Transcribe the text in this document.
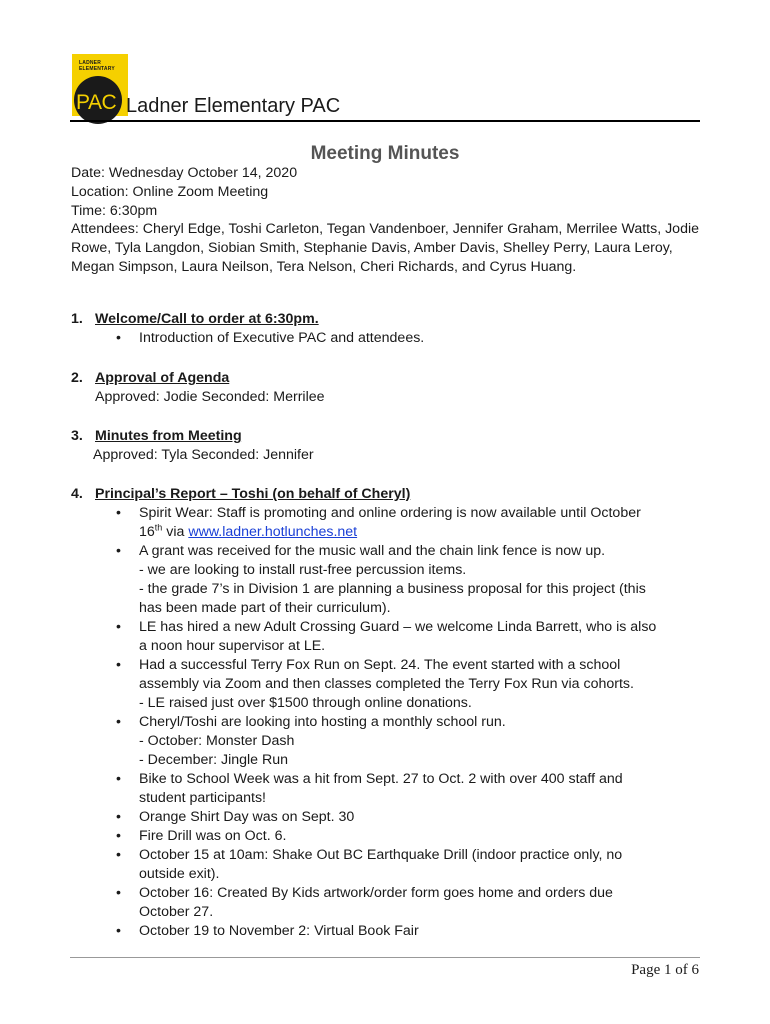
LADNER ELEMENTARY
PAC Ladner Elementary PAC
Meeting Minutes
Date: Wednesday October 14, 2020
Location: Online Zoom Meeting
Time: 6:30pm
Attendees: Cheryl Edge, Toshi Carleton, Tegan Vandenboer, Jennifer Graham, Merrilee Watts, Jodie Rowe, Tyla Langdon, Siobian Smith, Stephanie Davis, Amber Davis, Shelley Perry, Laura Leroy, Megan Simpson, Laura Neilson, Tera Nelson, Cheri Richards, and Cyrus Huang.
1. Welcome/Call to order at 6:30pm.
• Introduction of Executive PAC and attendees.
2. Approval of Agenda
Approved: Jodie Seconded: Merrilee
3. Minutes from Meeting
Approved: Tyla Seconded: Jennifer
4. Principal’s Report – Toshi (on behalf of Cheryl)
• Spirit Wear: Staff is promoting and online ordering is now available until October
16th via www.ladner.hotlunches.net
• A grant was received for the music wall and the chain link fence is now up.
- we are looking to install rust-free percussion items.
- the grade 7’s in Division 1 are planning a business proposal for this project (this
has been made part of their curriculum).
• LE has hired a new Adult Crossing Guard – we welcome Linda Barrett, who is also
a noon hour supervisor at LE.
• Had a successful Terry Fox Run on Sept. 24. The event started with a school
assembly via Zoom and then classes completed the Terry Fox Run via cohorts.
- LE raised just over $1500 through online donations.
• Cheryl/Toshi are looking into hosting a monthly school run.
- October: Monster Dash
- December: Jingle Run
• Bike to School Week was a hit from Sept. 27 to Oct. 2 with over 400 staff and
student participants!
• Orange Shirt Day was on Sept. 30
• Fire Drill was on Oct. 6.
• October 15 at 10am: Shake Out BC Earthquake Drill (indoor practice only, no
outside exit).
• October 16: Created By Kids artwork/order form goes home and orders due
October 27.
• October 19 to November 2: Virtual Book Fair
Page 1 of 6
